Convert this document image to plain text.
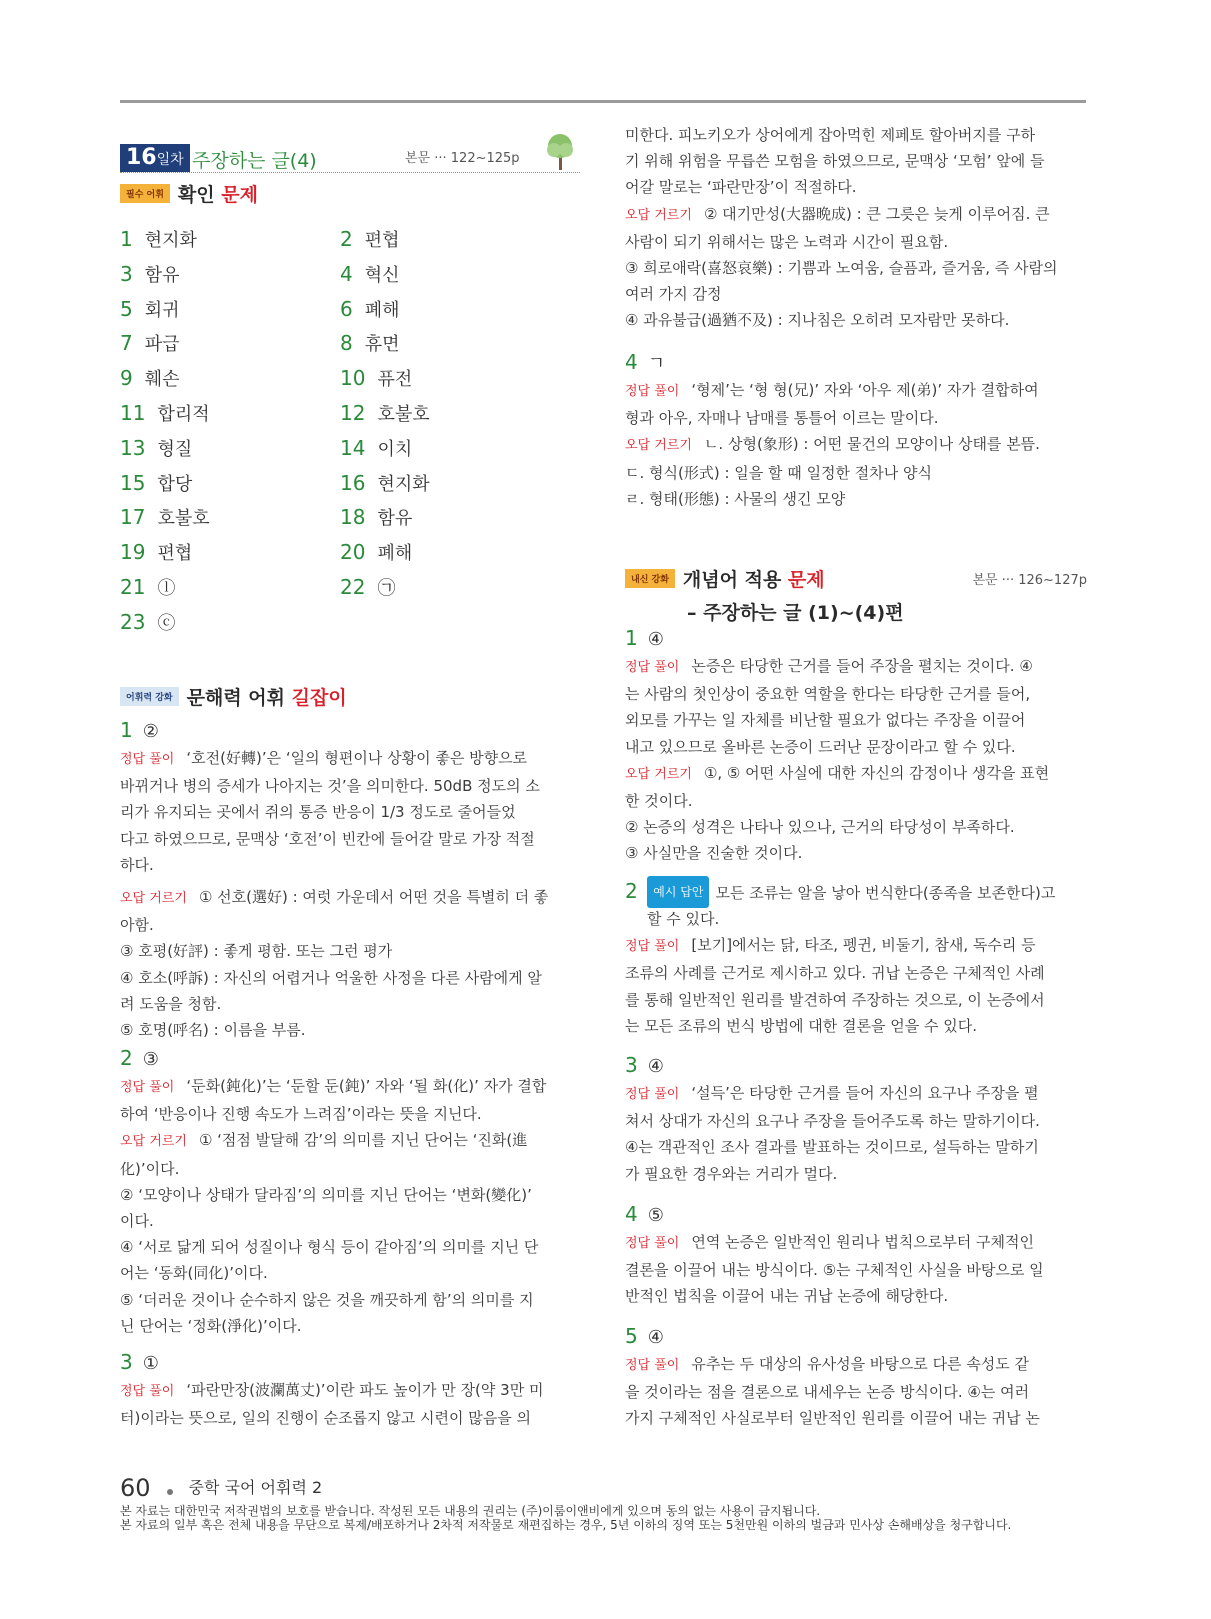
16일차 주장하는 글(4)	본문 ··· 122~125p
필수 어휘 확인 문제
1 현지화	2 편협
3 함유	4 혁신
5 회귀	6 폐해
7 파급	8 휴면
9 훼손	10 퓨전
11 합리적	12 호불호
13 형질	14 이치
15 합당	16 현지화
17 호불호	18 함유
19 편협	20 폐해
21 ⓛ	22 ㉠
23 ⓒ
어휘력 강화 문해력 어휘 길잡이
1 ②

정답 풀이 ‘호전(好轉)’은 ‘일의 형편이나 상황이 좋은 방향으로

바뀌거나 병의 증세가 나아지는 것’을 의미한다. 50dB 정도의 소

리가 유지되는 곳에서 쥐의 통증 반응이 1/3 정도로 줄어들었

다고 하였으므로, 문맥상 ‘호전’이 빈칸에 들어갈 말로 가장 적절

하다.

오답 거르기 ① 선호(選好) : 여럿 가운데서 어떤 것을 특별히 더 좋

아함.

③ 호평(好評) : 좋게 평함. 또는 그런 평가

④ 호소(呼訴) : 자신의 어렵거나 억울한 사정을 다른 사람에게 알

려 도움을 청함.

⑤ 호명(呼名) : 이름을 부름.

2 ③

정답 풀이 ‘둔화(鈍化)’는 ‘둔할 둔(鈍)’ 자와 ‘될 화(化)’ 자가 결합

하여 ‘반응이나 진행 속도가 느려짐’이라는 뜻을 지닌다.

오답 거르기 ① ‘점점 발달해 감’의 의미를 지닌 단어는 ‘진화(進

化)’이다.

② ‘모양이나 상태가 달라짐’의 의미를 지닌 단어는 ‘변화(變化)’

이다.

④ ‘서로 닮게 되어 성질이나 형식 등이 같아짐’의 의미를 지닌 단

어는 ‘동화(同化)’이다.

⑤ ‘더러운 것이나 순수하지 않은 것을 깨끗하게 함’의 의미를 지

닌 단어는 ‘정화(淨化)’이다.

3 ①

정답 풀이 ‘파란만장(波瀾萬丈)’이란 파도 높이가 만 장(약 3만 미

터)이라는 뜻으로, 일의 진행이 순조롭지 않고 시련이 많음을 의

미한다. 피노키오가 상어에게 잡아먹힌 제페토 할아버지를 구하

기 위해 위험을 무릅쓴 모험을 하였으므로, 문맥상 ‘모험’ 앞에 들

어갈 말로는 ‘파란만장’이 적절하다.

오답 거르기 ② 대기만성(大器晩成) : 큰 그릇은 늦게 이루어짐. 큰

사람이 되기 위해서는 많은 노력과 시간이 필요함.

③ 희로애락(喜怒哀樂) : 기쁨과 노여움, 슬픔과, 즐거움, 즉 사람의

여러 가지 감정

④ 과유불급(過猶不及) : 지나침은 오히려 모자람만 못하다.

4 ㄱ

정답 풀이 ‘형제’는 ‘형 형(兄)’ 자와 ‘아우 제(弟)’ 자가 결합하여

형과 아우, 자매나 남매를 통틀어 이르는 말이다.

오답 거르기 ㄴ. 상형(象形) : 어떤 물건의 모양이나 상태를 본뜸.

ㄷ. 형식(形式) : 일을 할 때 일정한 절차나 양식

ㄹ. 형태(形態) : 사물의 생긴 모양

내신 강화 개념어 적용 문제	본문 ··· 126~127p
– 주장하는 글 (1)~(4)편
1 ④

정답 풀이 논증은 타당한 근거를 들어 주장을 펼치는 것이다. ④

는 사람의 첫인상이 중요한 역할을 한다는 타당한 근거를 들어,

외모를 가꾸는 일 자체를 비난할 필요가 없다는 주장을 이끌어

내고 있으므로 올바른 논증이 드러난 문장이라고 할 수 있다.

오답 거르기 ①, ⑤ 어떤 사실에 대한 자신의 감정이나 생각을 표현

한 것이다.

② 논증의 성격은 나타나 있으나, 근거의 타당성이 부족하다.

③ 사실만을 진술한 것이다.

2 예시 답안 모든 조류는 알을 낳아 번식한다(종족을 보존한다)고

할 수 있다.

정답 풀이 [보기]에서는 닭, 타조, 펭귄, 비둘기, 참새, 독수리 등

조류의 사례를 근거로 제시하고 있다. 귀납 논증은 구체적인 사례

를 통해 일반적인 원리를 발견하여 주장하는 것으로, 이 논증에서

는 모든 조류의 번식 방법에 대한 결론을 얻을 수 있다.

3 ④

정답 풀이 ‘설득’은 타당한 근거를 들어 자신의 요구나 주장을 펼

쳐서 상대가 자신의 요구나 주장을 들어주도록 하는 말하기이다.

④는 객관적인 조사 결과를 발표하는 것이므로, 설득하는 말하기

가 필요한 경우와는 거리가 멀다.

4 ⑤

정답 풀이 연역 논증은 일반적인 원리나 법칙으로부터 구체적인

결론을 이끌어 내는 방식이다. ⑤는 구체적인 사실을 바탕으로 일

반적인 법칙을 이끌어 내는 귀납 논증에 해당한다.

5 ④

정답 풀이 유추는 두 대상의 유사성을 바탕으로 다른 속성도 같

을 것이라는 점을 결론으로 내세우는 논증 방식이다. ④는 여러

가지 구체적인 사실로부터 일반적인 원리를 이끌어 내는 귀납 논

60 중학 국어 어휘력 2
본 자료는 대한민국 저작권법의 보호를 받습니다. 작성된 모든 내용의 권리는 (주)이룸이앤비에게 있으며 동의 없는 사용이 금지됩니다.
본 자료의 일부 혹은 전체 내용을 무단으로 복제/배포하거나 2차적 저작물로 재편집하는 경우, 5년 이하의 징역 또는 5천만원 이하의 벌금과 민사상 손해배상을 청구합니다.
